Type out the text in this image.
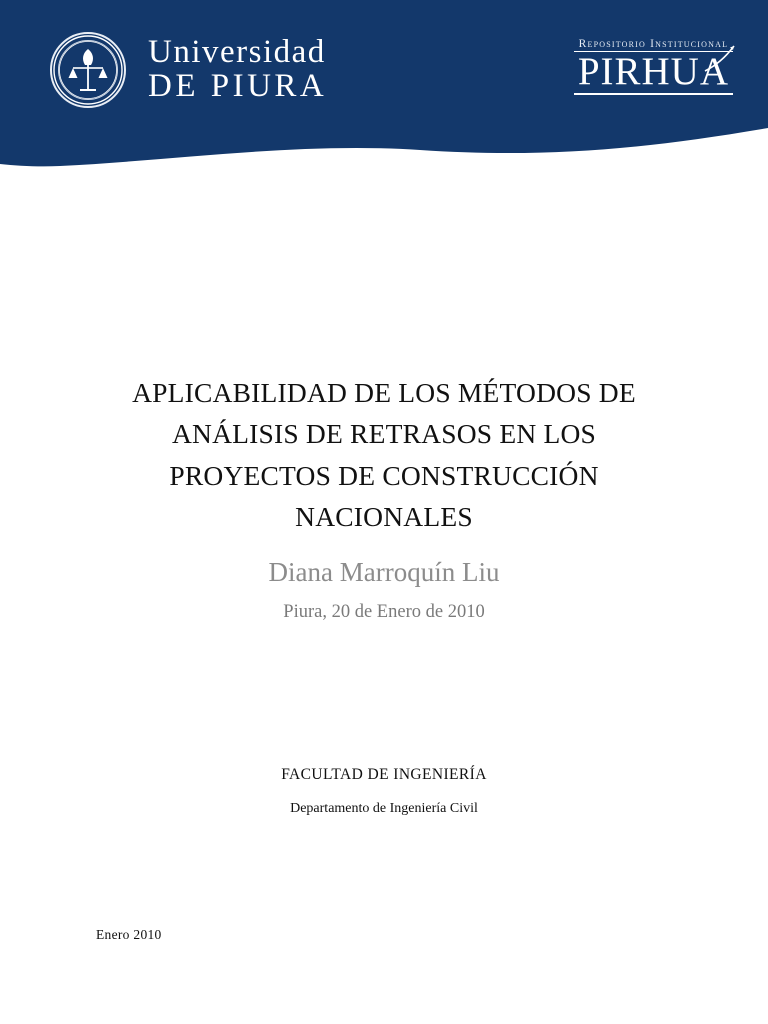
Universidad
DE PIURA
Repositorio Institucional
PIRHUA
APLICABILIDAD DE LOS MÉTODOS DE ANÁLISIS DE RETRASOS EN LOS PROYECTOS DE CONSTRUCCIÓN NACIONALES
Diana Marroquín Liu
Piura, 20 de Enero de 2010
FACULTAD DE INGENIERÍA
Departamento de Ingeniería Civil
Enero 2010
